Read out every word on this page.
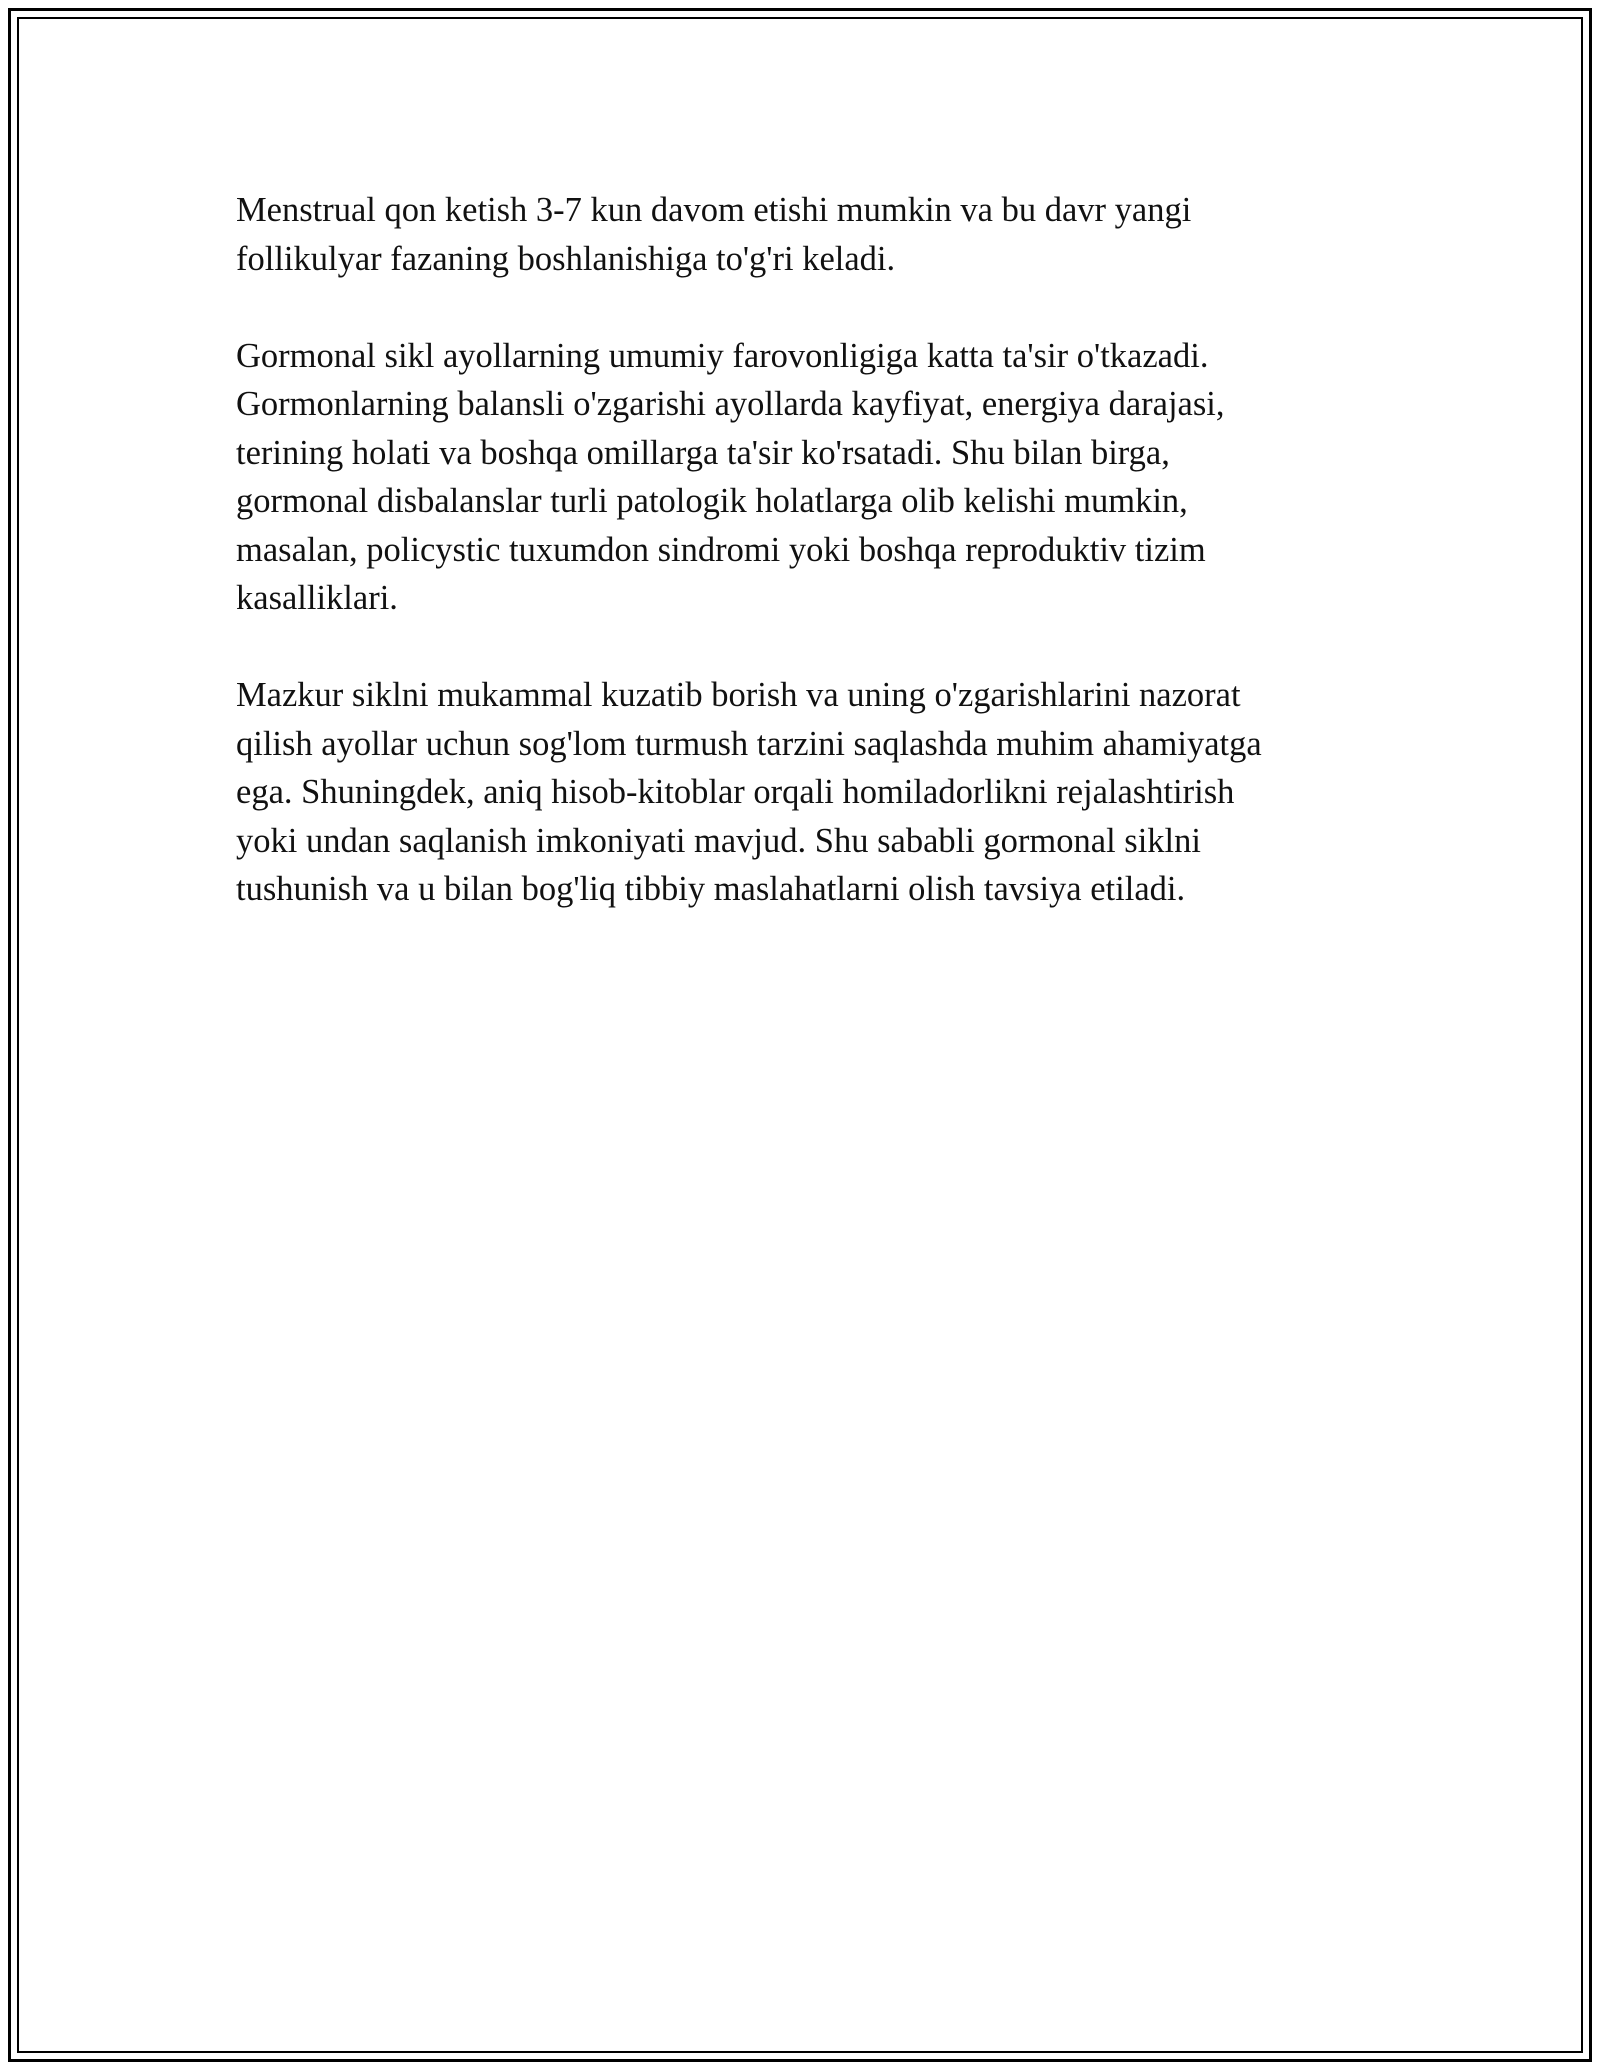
Menstrual qon ketish 3-7 kun davom etishi mumkin va bu davr yangi
follikulyar fazaning boshlanishiga to'g'ri keladi.

Gormonal sikl ayollarning umumiy farovonligiga katta ta'sir o'tkazadi.
Gormonlarning balansli o'zgarishi ayollarda kayfiyat, energiya darajasi,
terining holati va boshqa omillarga ta'sir ko'rsatadi. Shu bilan birga,
gormonal disbalanslar turli patologik holatlarga olib kelishi mumkin,
masalan, policystic tuxumdon sindromi yoki boshqa reproduktiv tizim
kasalliklari.

Mazkur siklni mukammal kuzatib borish va uning o'zgarishlarini nazorat
qilish ayollar uchun sog'lom turmush tarzini saqlashda muhim ahamiyatga
ega. Shuningdek, aniq hisob-kitoblar orqali homiladorlikni rejalashtirish
yoki undan saqlanish imkoniyati mavjud. Shu sababli gormonal siklni
tushunish va u bilan bog'liq tibbiy maslahatlarni olish tavsiya etiladi.
